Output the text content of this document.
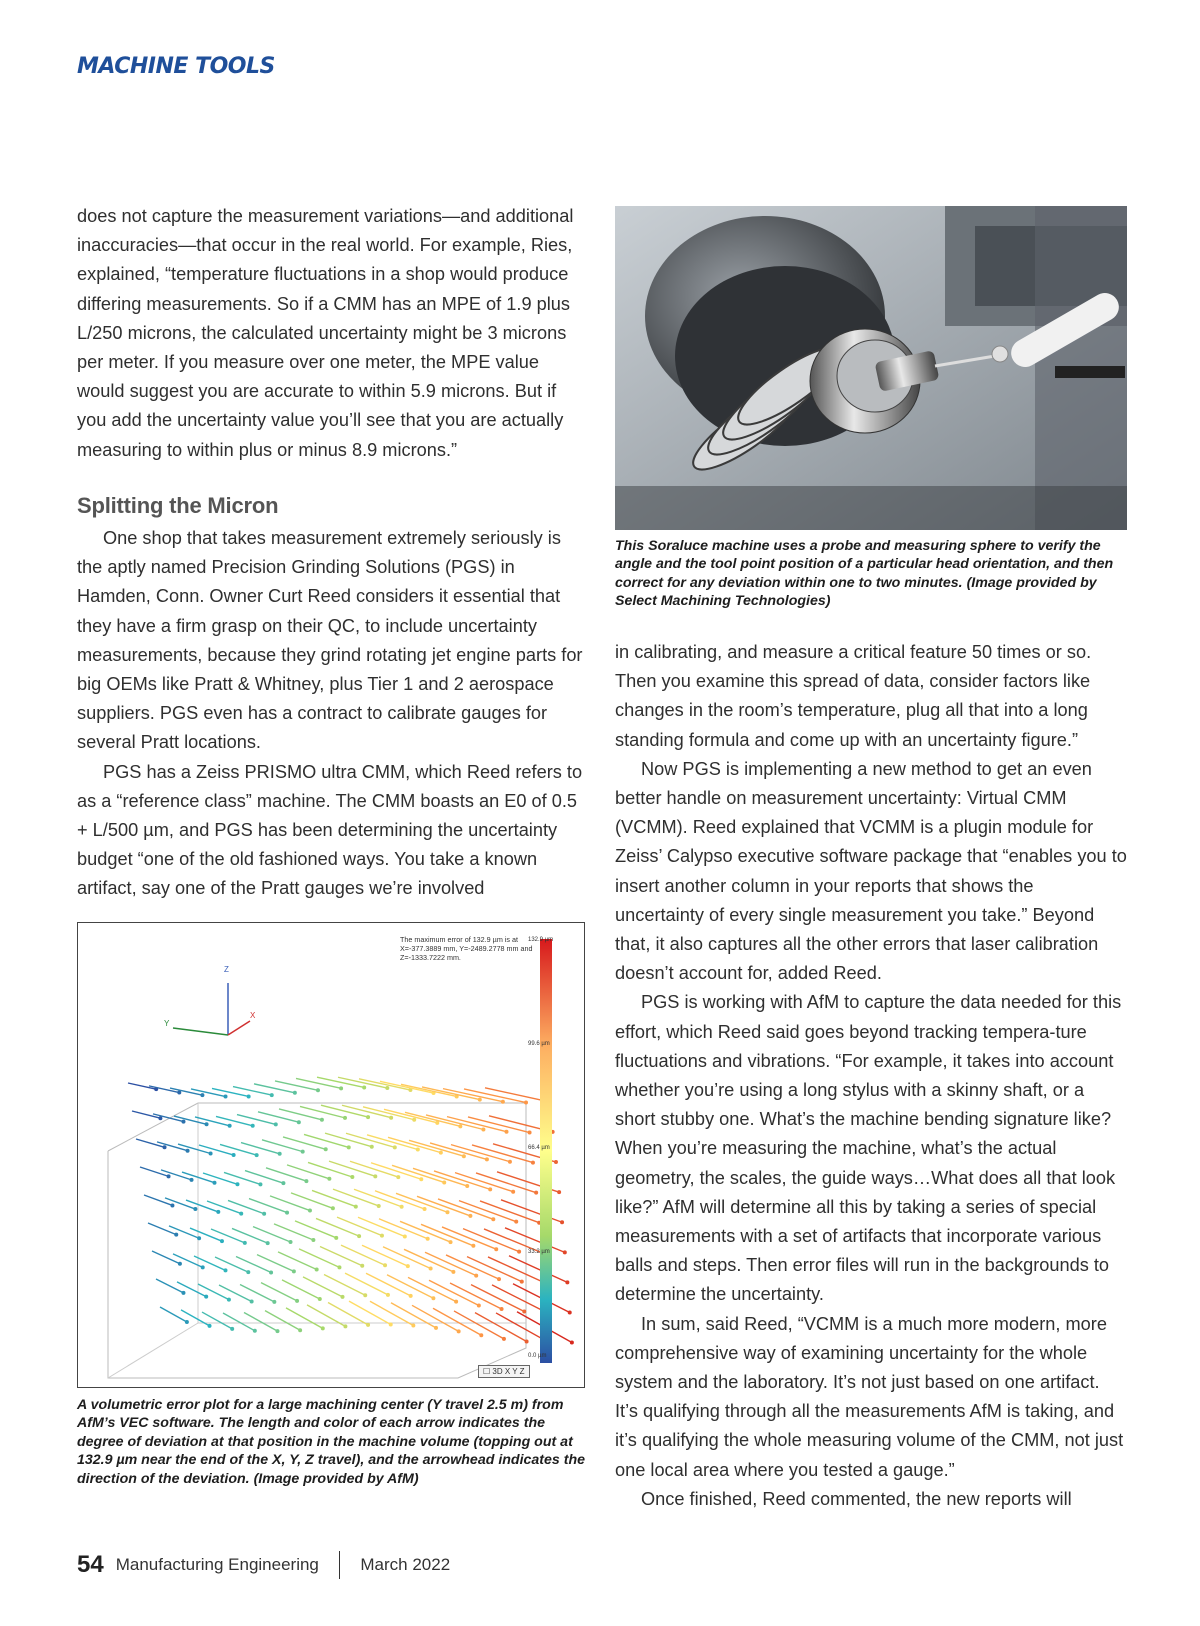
MACHINE TOOLS

does not capture the measurement variations—and additional inaccuracies—that occur in the real world. For example, Ries, explained, “temperature fluctuations in a shop would produce differing measurements. So if a CMM has an MPE of 1.9 plus L/250 microns, the calculated uncertainty might be 3 microns per meter. If you measure over one meter, the MPE value would suggest you are accurate to within 5.9 microns. But if you add the uncertainty value you’ll see that you are actually measuring to within plus or minus 8.9 microns.”

Splitting the Micron

One shop that takes measurement extremely seriously is the aptly named Precision Grinding Solutions (PGS) in Hamden, Conn. Owner Curt Reed considers it essential that they have a firm grasp on their QC, to include uncertainty measurements, because they grind rotating jet engine parts for big OEMs like Pratt & Whitney, plus Tier 1 and 2 aerospace suppliers. PGS even has a contract to calibrate gauges for several Pratt locations.

PGS has a Zeiss PRISMO ultra CMM, which Reed refers to as a “reference class” machine. The CMM boasts an E0 of 0.5 + L/500 µm, and PGS has been determining the uncertainty budget “one of the old fashioned ways. You take a known artifact, say one of the Pratt gauges we’re involved

This Soraluce machine uses a probe and measuring sphere to verify the angle and the tool point position of a particular head orientation, and then correct for any deviation within one to two minutes. (Image provided by Select Machining Technologies)

in calibrating, and measure a critical feature 50 times or so. Then you examine this spread of data, consider factors like changes in the room’s temperature, plug all that into a long standing formula and come up with an uncertainty figure.”

Now PGS is implementing a new method to get an even better handle on measurement uncertainty: Virtual CMM (VCMM). Reed explained that VCMM is a plugin module for Zeiss’ Calypso executive software package that “enables you to insert another column in your reports that shows the uncertainty of every single measurement you take.” Beyond that, it also captures all the other errors that laser calibration doesn’t account for, added Reed.

PGS is working with AfM to capture the data needed for this effort, which Reed said goes beyond tracking tempera-ture fluctuations and vibrations. “For example, it takes into account whether you’re using a long stylus with a skinny shaft, or a short stubby one. What’s the machine bending signature like? When you’re measuring the machine, what’s the actual geometry, the scales, the guide ways…What does all that look like?” AfM will determine all this by taking a series of special measurements with a set of artifacts that incorporate various balls and steps. Then error files will run in the backgrounds to determine the uncertainty.

In sum, said Reed, “VCMM is a much more modern, more comprehensive way of examining uncertainty for the whole system and the laboratory. It’s not just based on one artifact. It’s qualifying through all the measurements AfM is taking, and it’s qualifying the whole measuring volume of the CMM, not just one local area where you tested a gauge.”

Once finished, Reed commented, the new reports will

Z
Y
X
The maximum error of 132.9 µm is at X=-377.3889 mm, Y=-2489.2778 mm and Z=-1333.7222 mm.
132.9 µm
99.6 µm
66.4 µm
33.2 µm
0.0 µm
☐ 3D X Y Z
A volumetric error plot for a large machining center (Y travel 2.5 m) from AfM’s VEC software. The length and color of each arrow indicates the degree of deviation at that position in the machine volume (topping out at 132.9 µm near the end of the X, Y, Z travel), and the arrowhead indicates the direction of the deviation. (Image provided by AfM)
54 Manufacturing Engineering March 2022
